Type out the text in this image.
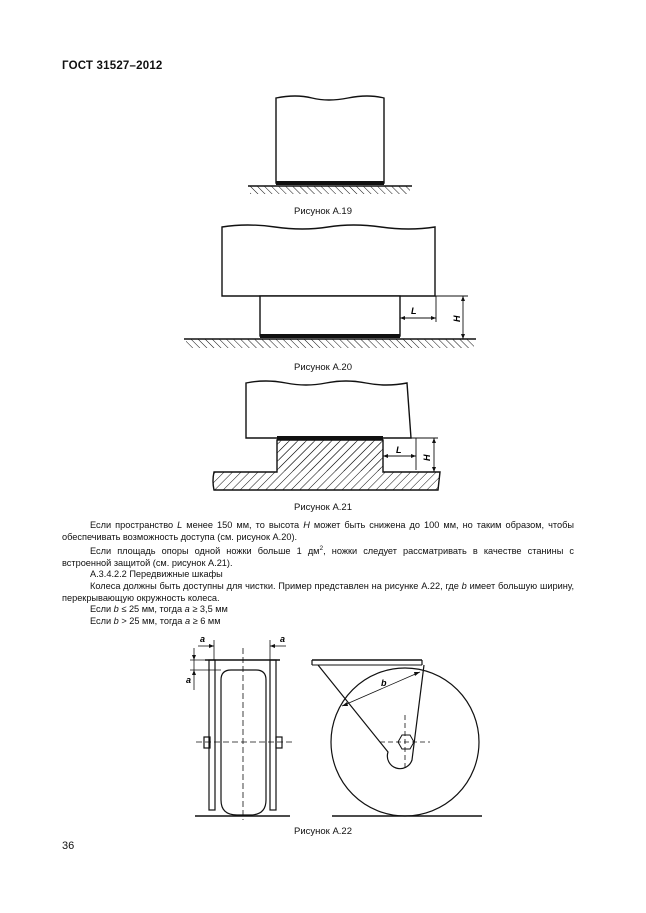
ГОСТ 31527–2012
L
H
L
H
a	a
a	b
Рисунок А.19
Рисунок А.20
Рисунок А.21

Если пространство L менее 150 мм, то высота H может быть снижена до 100 мм, но таким образом, чтобы обеспечивать возможность доступа (см. рисунок А.20).

Если площадь опоры одной ножки больше 1 $дм^2$, ножки следует рассматривать в качестве станины с встроенной защитой (см. рисунок А.21).

А.3.4.2.2 Передвижные шкафы

Колеса должны быть доступны для чистки. Пример представлен на рисунке А.22, где b имеет большую ширину, перекрывающую окружность колеса.

Если b ≤ 25 мм, тогда a ≥ 3,5 мм

Если b > 25 мм, тогда a ≥ 6 мм

Рисунок А.22
36
